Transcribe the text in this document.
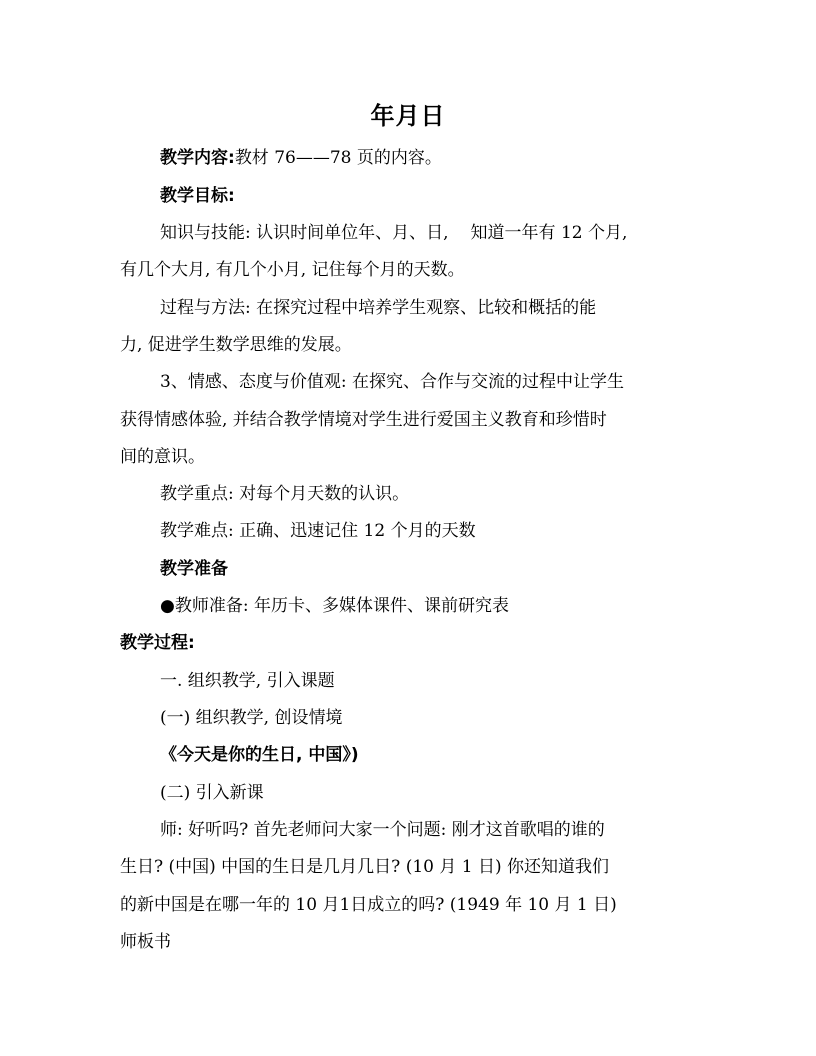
年月日
教学内容:教材 76——78 页的内容。
教学目标:
知识与技能: 认识时间单位年、月、日, 知道一年有 12 个月,
有几个大月, 有几个小月, 记住每个月的天数。
过程与方法: 在探究过程中培养学生观察、比较和概括的能
力, 促进学生数学思维的发展。
3、情感、态度与价值观: 在探究、合作与交流的过程中让学生
获得情感体验, 并结合教学情境对学生进行爱国主义教育和珍惜时
间的意识。
教学重点: 对每个月天数的认识。
教学难点: 正确、迅速记住 12 个月的天数
教学准备
●教师准备: 年历卡、多媒体课件、课前研究表
教学过程:
一. 组织教学, 引入课题
(一) 组织教学, 创设情境
《今天是你的生日, 中国》)
(二) 引入新课
师: 好听吗? 首先老师问大家一个问题: 刚才这首歌唱的谁的
生日? (中国) 中国的生日是几月几日? (10 月 1 日) 你还知道我们
的新中国是在哪一年的 10 月1日成立的吗? (1949 年 10 月 1 日)
师板书
